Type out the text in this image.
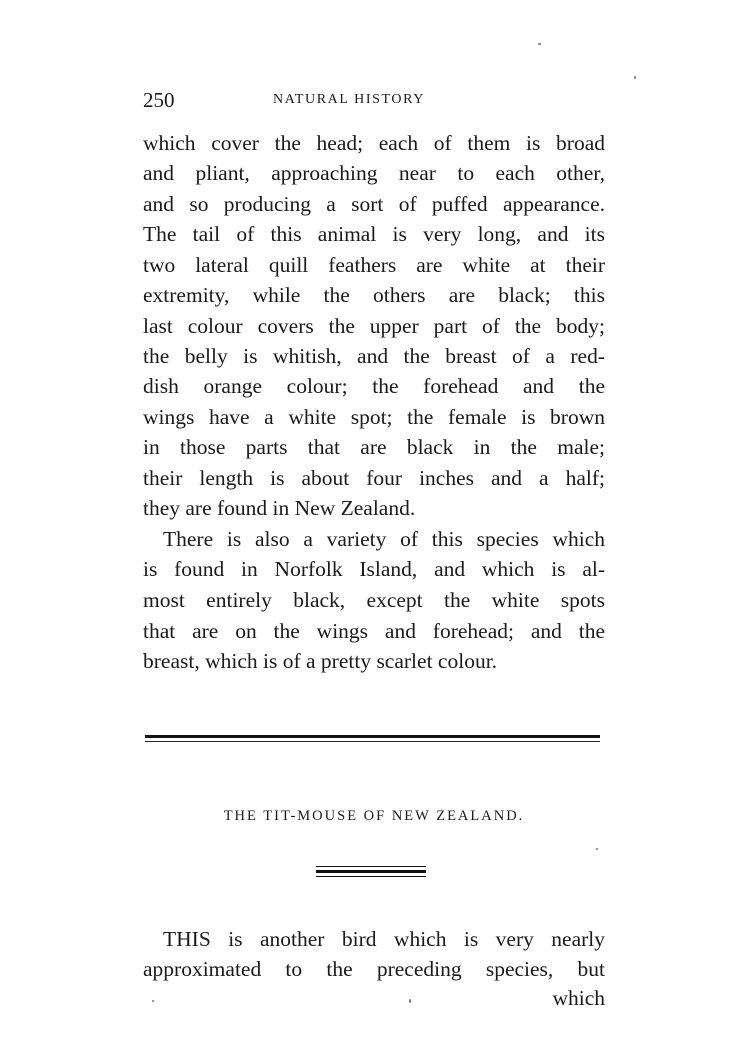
250	NATURAL HISTORY
which cover the head; each of them is broad
and pliant, approaching near to each other,
and so producing a sort of puffed appearance.
The tail of this animal is very long, and its
two lateral quill feathers are white at their
extremity, while the others are black; this
last colour covers the upper part of the body;
the belly is whitish, and the breast of a red-
dish orange colour; the forehead and the
wings have a white spot; the female is brown
in those parts that are black in the male;
their length is about four inches and a half;
they are found in New Zealand.
There is also a variety of this species which
is found in Norfolk Island, and which is al-
most entirely black, except the white spots
that are on the wings and forehead; and the
breast, which is of a pretty scarlet colour.
THE TIT-MOUSE OF NEW ZEALAND.
THIS is another bird which is very nearly
approximated to the preceding species, but
which
